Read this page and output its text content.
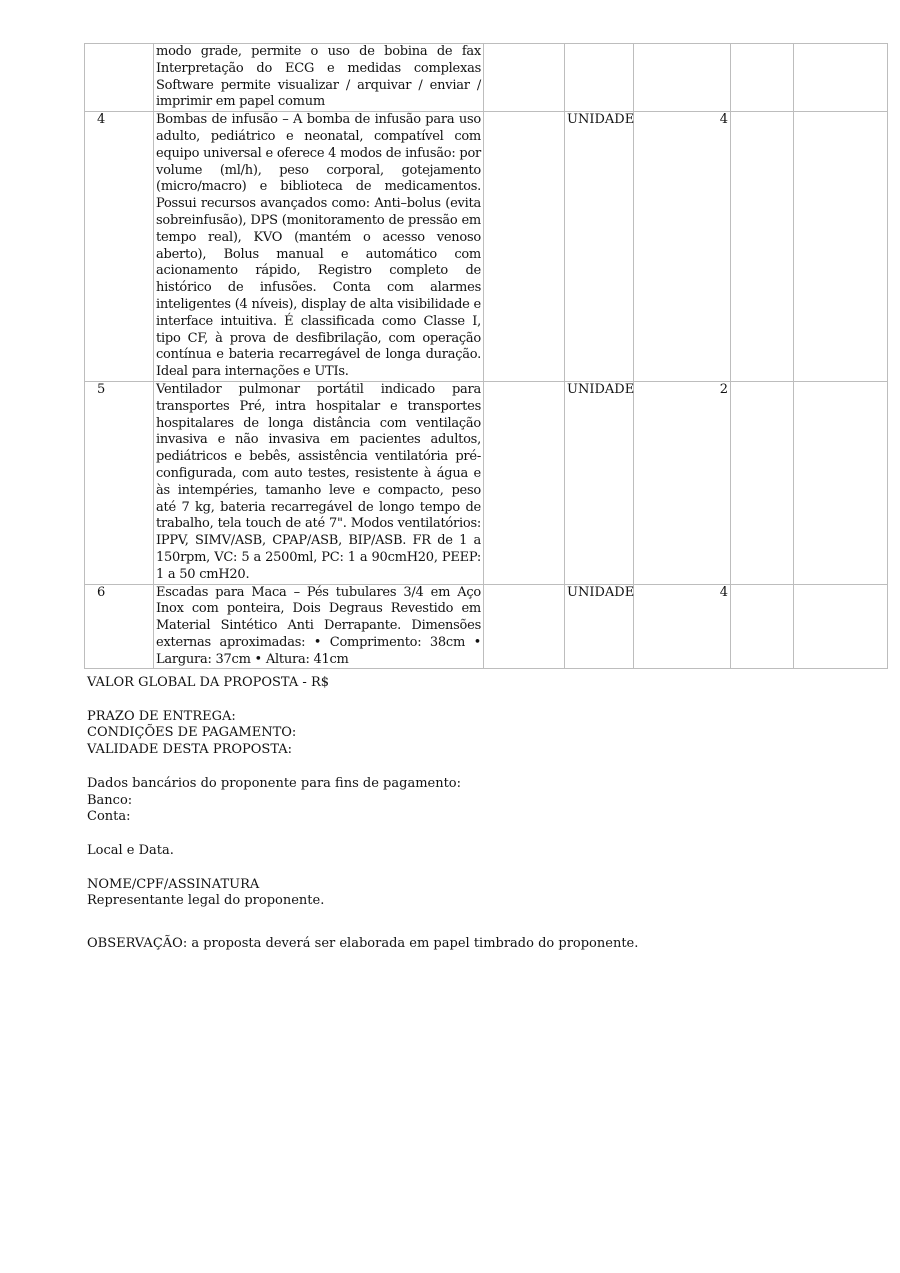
	modo grade, permite o uso de bobina de fax Interpretação do ECG e medidas complexas Software permite visualizar / arquivar / enviar / imprimir em papel comum					
4	Bombas de infusão – A bomba de infusão para uso adulto, pediátrico e neonatal, compatível com equipo universal e oferece 4 modos de infusão: por volume (ml/h), peso corporal, gotejamento (micro/macro) e biblioteca de medicamentos. Possui recursos avançados como: Anti–bolus (evita sobreinfusão), DPS (monitoramento de pressão em tempo real), KVO (mantém o acesso venoso aberto), Bolus manual e automático com acionamento rápido, Registro completo de histórico de infusões. Conta com alarmes inteligentes (4 níveis), display de alta visibilidade e interface intuitiva. É classificada como Classe I, tipo CF, à prova de desfibrilação, com operação contínua e bateria recarregável de longa duração. Ideal para internações e UTIs.		UNIDADE	4		
5	Ventilador pulmonar portátil indicado para transportes Pré, intra hospitalar e transportes hospitalares de longa distância com ventilação invasiva e não invasiva em pacientes adultos, pediátricos e bebês, assistência ventilatória pré-configurada, com auto testes, resistente à água e às intempéries, tamanho leve e compacto, peso até 7 kg, bateria recarregável de longo tempo de trabalho, tela touch de até 7". Modos ventilatórios: IPPV, SIMV/ASB, CPAP/ASB, BIP/ASB. FR de 1 a 150rpm, VC: 5 a 2500ml, PC: 1 a 90cmH20, PEEP: 1 a 50 cmH20.		UNIDADE	2		
6	Escadas para Maca – Pés tubulares 3/4 em Aço Inox com ponteira, Dois Degraus Revestido em Material Sintético Anti Derrapante. Dimensões externas aproximadas: • Comprimento: 38cm • Largura: 37cm • Altura: 41cm		UNIDADE	4		

VALOR GLOBAL DA PROPOSTA - R$

PRAZO DE ENTREGA:

CONDIÇÕES DE PAGAMENTO:

VALIDADE DESTA PROPOSTA:

Dados bancários do proponente para fins de pagamento:

Banco:

Conta:

Local e Data.

NOME/CPF/ASSINATURA

Representante legal do proponente.

OBSERVAÇÃO: a proposta deverá ser elaborada em papel timbrado do proponente.
